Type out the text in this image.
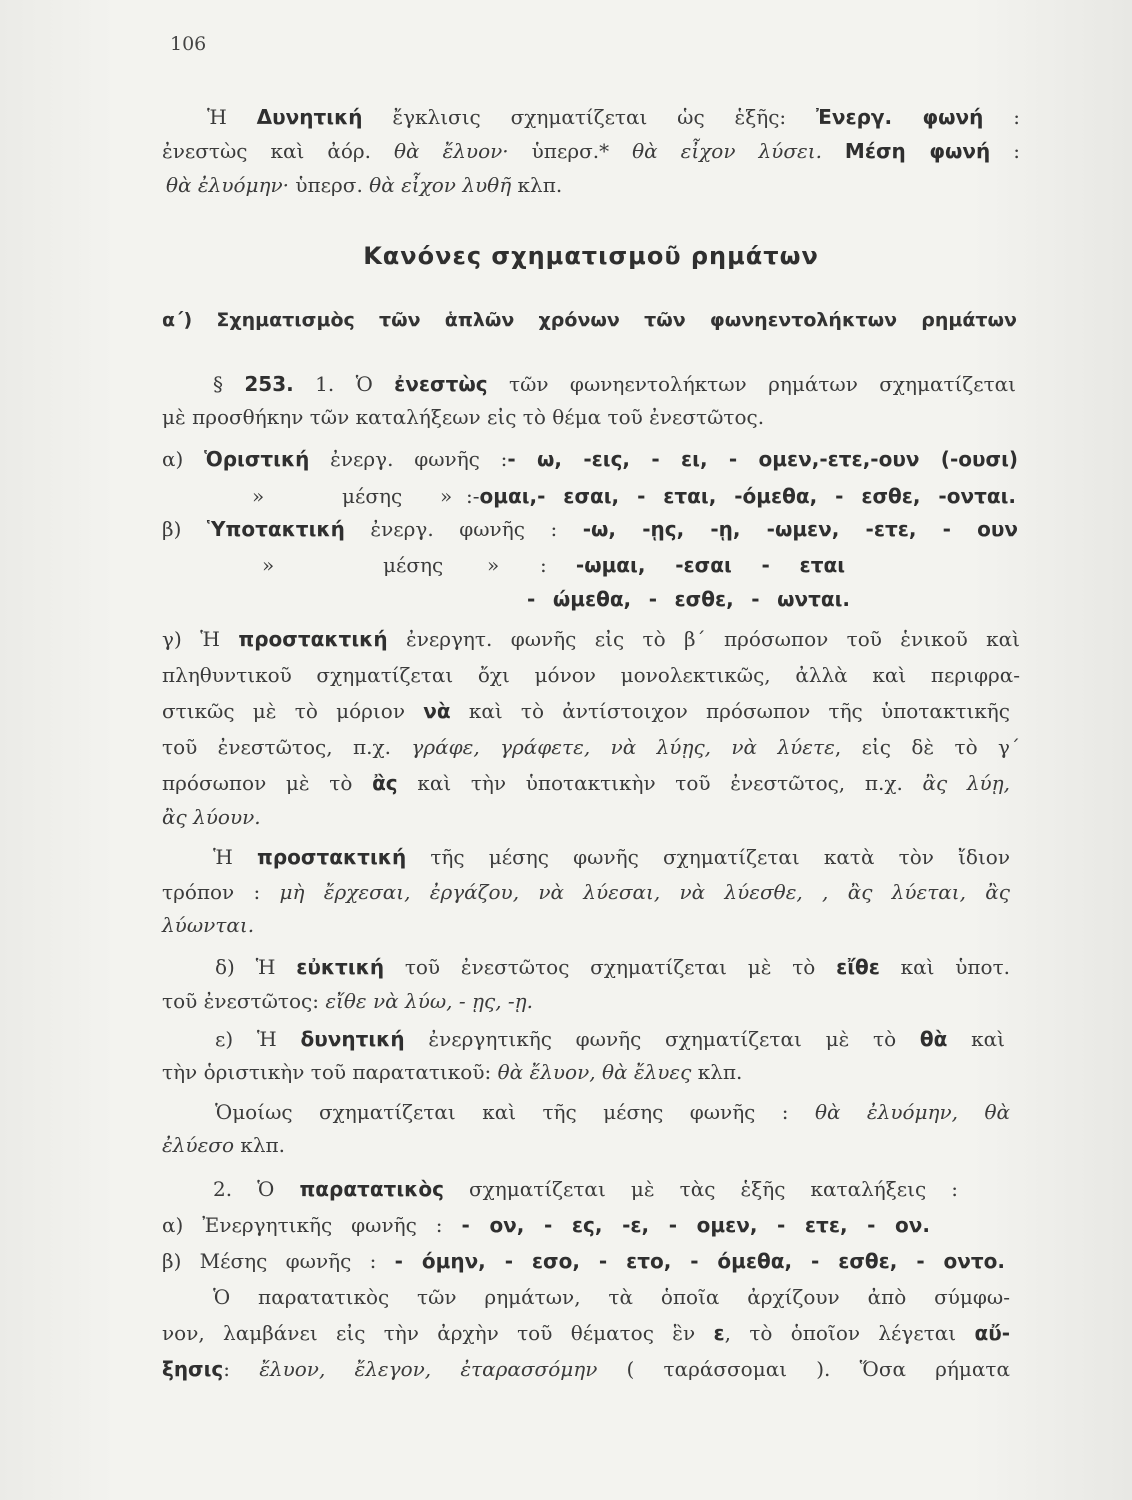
106
Ἡ Δυνητική ἔγκλισις σχηματίζεται ὡς ἑξῆς: Ἐνεργ. φωνή :
ἐνεστὼς καὶ ἀόρ. θὰ ἔλυον· ὑπερσ.* θὰ εἶχον λύσει. Μέση φωνή :
θὰ ἐλυόμην· ὑπερσ. θὰ εἶχον λυθῆ κλπ.
Κανόνες σχηματισμοῦ ρημάτων
α΄) Σχηματισμὸς τῶν ἁπλῶν χρόνων τῶν φωνηεντολήκτων ρημάτων
§ 253. 1. Ὁ ἐνεστὼς τῶν φωνηεντολήκτων ρημάτων σχηματίζεται
μὲ προσθήκην τῶν καταλήξεων εἰς τὸ θέμα τοῦ ἐνεστῶτος.
α) Ὁριστική ἐνεργ. φωνῆς :- ω, -εις, - ει, - ομεν,-ετε,-ουν (-ουσι)
»	μέσης » :-ομαι,- εσαι, - εται, -όμεθα, - εσθε, -ονται.
β) Ὑποτακτική ἐνεργ. φωνῆς : -ω, -ῃς, -ῃ, -ωμεν, -ετε, - ουν
»	μέσης » : -ωμαι, -εσαι - εται
- ώμεθα, - εσθε, - ωνται.
γ) Ἡ προστακτική ἐνεργητ. φωνῆς εἰς τὸ β΄ πρόσωπον τοῦ ἑνικοῦ καὶ
πληθυντικοῦ σχηματίζεται ὄχι μόνον μονολεκτικῶς, ἀλλὰ καὶ περιφρα-
στικῶς μὲ τὸ μόριον νὰ καὶ τὸ ἀντίστοιχον πρόσωπον τῆς ὑποτακτικῆς
τοῦ ἐνεστῶτος, π.χ. γράφε, γράφετε, νὰ λύῃς, νὰ λύετε, εἰς δὲ τὸ γ΄
πρόσωπον μὲ τὸ ἂς καὶ τὴν ὑποτακτικὴν τοῦ ἐνεστῶτος, π.χ. ἂς λύῃ,
ἂς λύουν.
Ἡ προστακτική τῆς μέσης φωνῆς σχηματίζεται κατὰ τὸν ἴδιον
τρόπον : μὴ ἔρχεσαι, ἐργάζου, νὰ λύεσαι, νὰ λύεσθε, , ἂς λύεται, ἂς
λύωνται.
δ) Ἡ εὐκτική τοῦ ἐνεστῶτος σχηματίζεται μὲ τὸ εἴθε καὶ ὑποτ.
τοῦ ἐνεστῶτος: εἴθε νὰ λύω, - ῃς, -ῃ.
ε) Ἡ δυνητική ἐνεργητικῆς φωνῆς σχηματίζεται μὲ τὸ θὰ καὶ
τὴν ὁριστικὴν τοῦ παρατατικοῦ: θὰ ἔλυον, θὰ ἔλυες κλπ.
Ὁμοίως σχηματίζεται καὶ τῆς μέσης φωνῆς : θὰ ἐλυόμην, θὰ
ἐλύεσο κλπ.
2. Ὁ παρατατικὸς σχηματίζεται μὲ τὰς ἑξῆς καταλήξεις :
α) Ἐνεργητικῆς φωνῆς : - ον, - ες, -ε, - ομεν, - ετε, - ον.
β) Μέσης φωνῆς : - όμην, - εσο, - ετο, - όμεθα, - εσθε, - οντο.
Ὁ παρατατικὸς τῶν ρημάτων, τὰ ὁποῖα ἀρχίζουν ἀπὸ σύμφω-
νον, λαμβάνει εἰς τὴν ἀρχὴν τοῦ θέματος ἓν ε, τὸ ὁποῖον λέγεται αὔ-
ξησις: ἔλυον, ἔλεγον, ἐταρασσόμην ( ταράσσομαι ). Ὅσα ρήματα
